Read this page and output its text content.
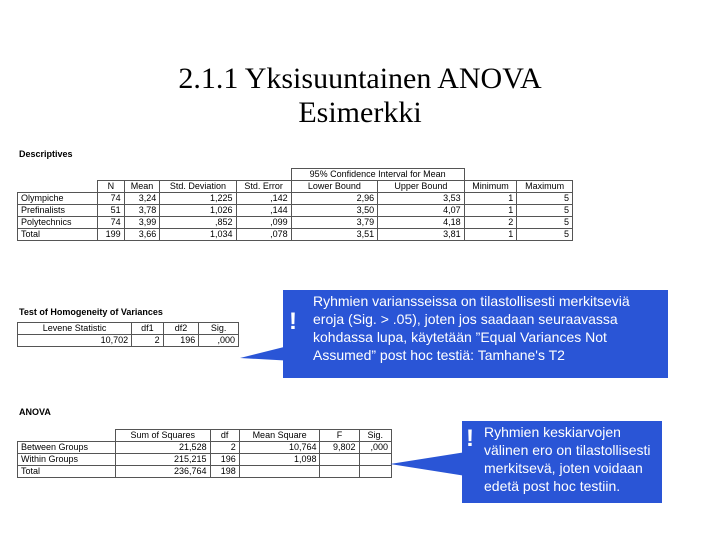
2.1.1 Yksisuuntainen ANOVA
Esimerkki
Descriptives
					95% Confidence Interval for Mean			
	N	Mean	Std. Deviation	Std. Error	Lower Bound	Upper Bound	Minimum	Maximum
Olympiche	74	3,24	1,225	,142	2,96	3,53	1	5
Prefinalists	51	3,78	1,026	,144	3,50	4,07	1	5
Polytechnics	74	3,99	,852	,099	3,79	4,18	2	5
Total	199	3,66	1,034	,078	3,51	3,81	1	5
Test of Homogeneity of Variances
Levene Statistic	df1	df2	Sig.
10,702	2	196	,000
ANOVA
	Sum of Squares	df	Mean Square	F	Sig.
Between Groups	21,528	2	10,764	9,802	,000
Within Groups	215,215	196	1,098		
Total	236,764	198			
!
Ryhmien variansseissa on tilastollisesti merkitseviä eroja (Sig. > .05), joten jos saadaan seuraavassa kohdassa lupa, käytetään ”Equal Variances Not Assumed” post hoc testiä: Tamhane's T2
! Ryhmien keskiarvojen välinen ero on tilastollisesti merkitsevä, joten voidaan edetä post hoc testiin.
